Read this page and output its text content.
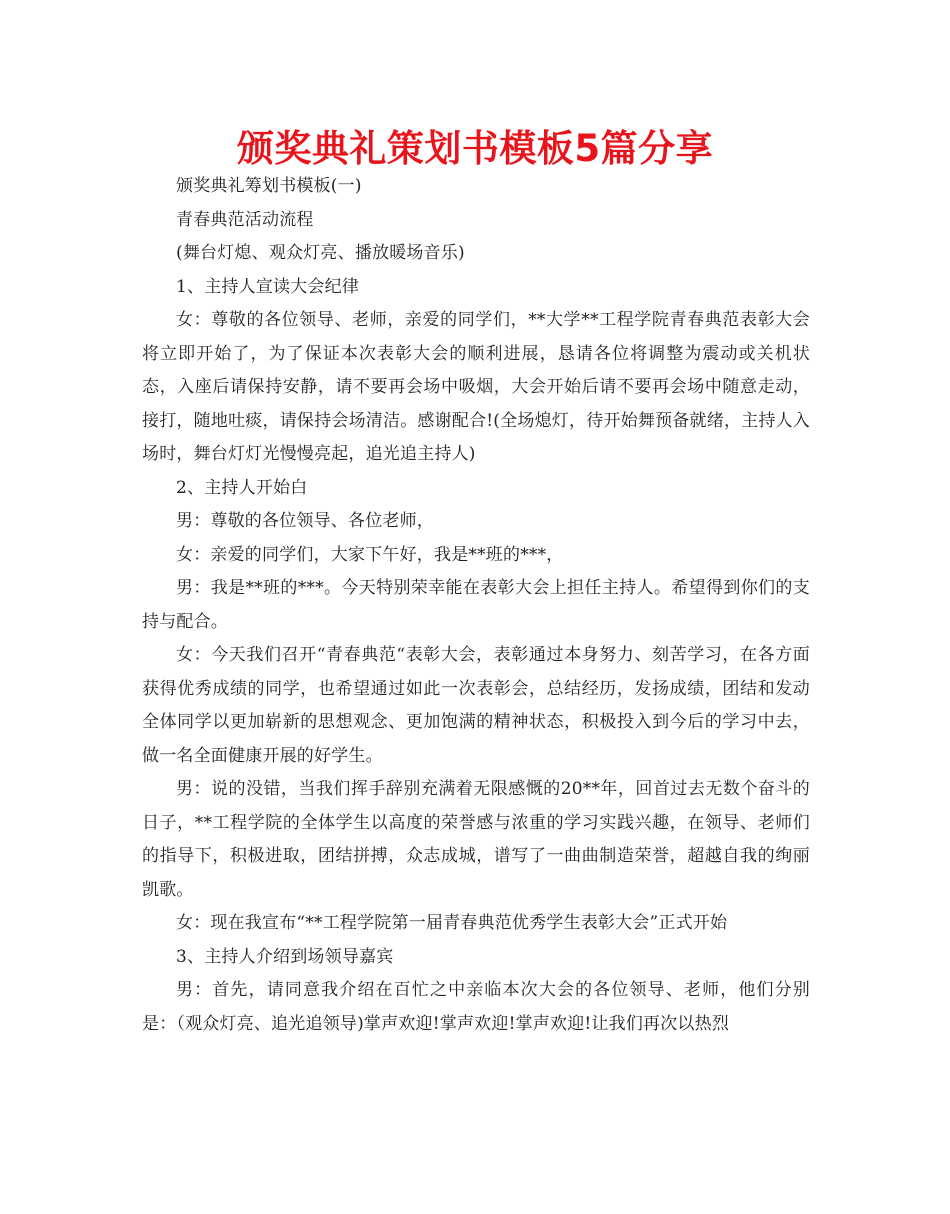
颁奖典礼策划书模板5篇分享

颁奖典礼筹划书模板(一)

青春典范活动流程

(舞台灯熄、观众灯亮、播放暖场音乐)

1、主持人宣读大会纪律

女：尊敬的各位领导、老师，亲爱的同学们，**大学**工程学院青春典范表彰大会将立即开始了，为了保证本次表彰大会的顺利进展，恳请各位将调整为震动或关机状态，入座后请保持安静，请不要再会场中吸烟，大会开始后请不要再会场中随意走动，接打，随地吐痰，请保持会场清洁。感谢配合!(全场熄灯，待开始舞预备就绪，主持人入场时，舞台灯灯光慢慢亮起，追光追主持人)

2、主持人开始白

男：尊敬的各位领导、各位老师，

女：亲爱的同学们，大家下午好，我是**班的***，

男：我是**班的***。今天特别荣幸能在表彰大会上担任主持人。希望得到你们的支持与配合。

女：今天我们召开“青春典范“表彰大会，表彰通过本身努力、刻苦学习，在各方面获得优秀成绩的同学，也希望通过如此一次表彰会，总结经历，发扬成绩，团结和发动全体同学以更加崭新的思想观念、更加饱满的精神状态，积极投入到今后的学习中去，做一名全面健康开展的好学生。

男：说的没错，当我们挥手辞别充满着无限感慨的20**年，回首过去无数个奋斗的日子，**工程学院的全体学生以高度的荣誉感与浓重的学习实践兴趣，在领导、老师们的指导下，积极进取，团结拼搏，众志成城，谱写了一曲曲制造荣誉，超越自我的绚丽凯歌。

女：现在我宣布“**工程学院第一届青春典范优秀学生表彰大会”正式开始

3、主持人介绍到场领导嘉宾

男：首先，请同意我介绍在百忙之中亲临本次大会的各位领导、老师，他们分别是：（观众灯亮、追光追领导)掌声欢迎!掌声欢迎!掌声欢迎!让我们再次以热烈
